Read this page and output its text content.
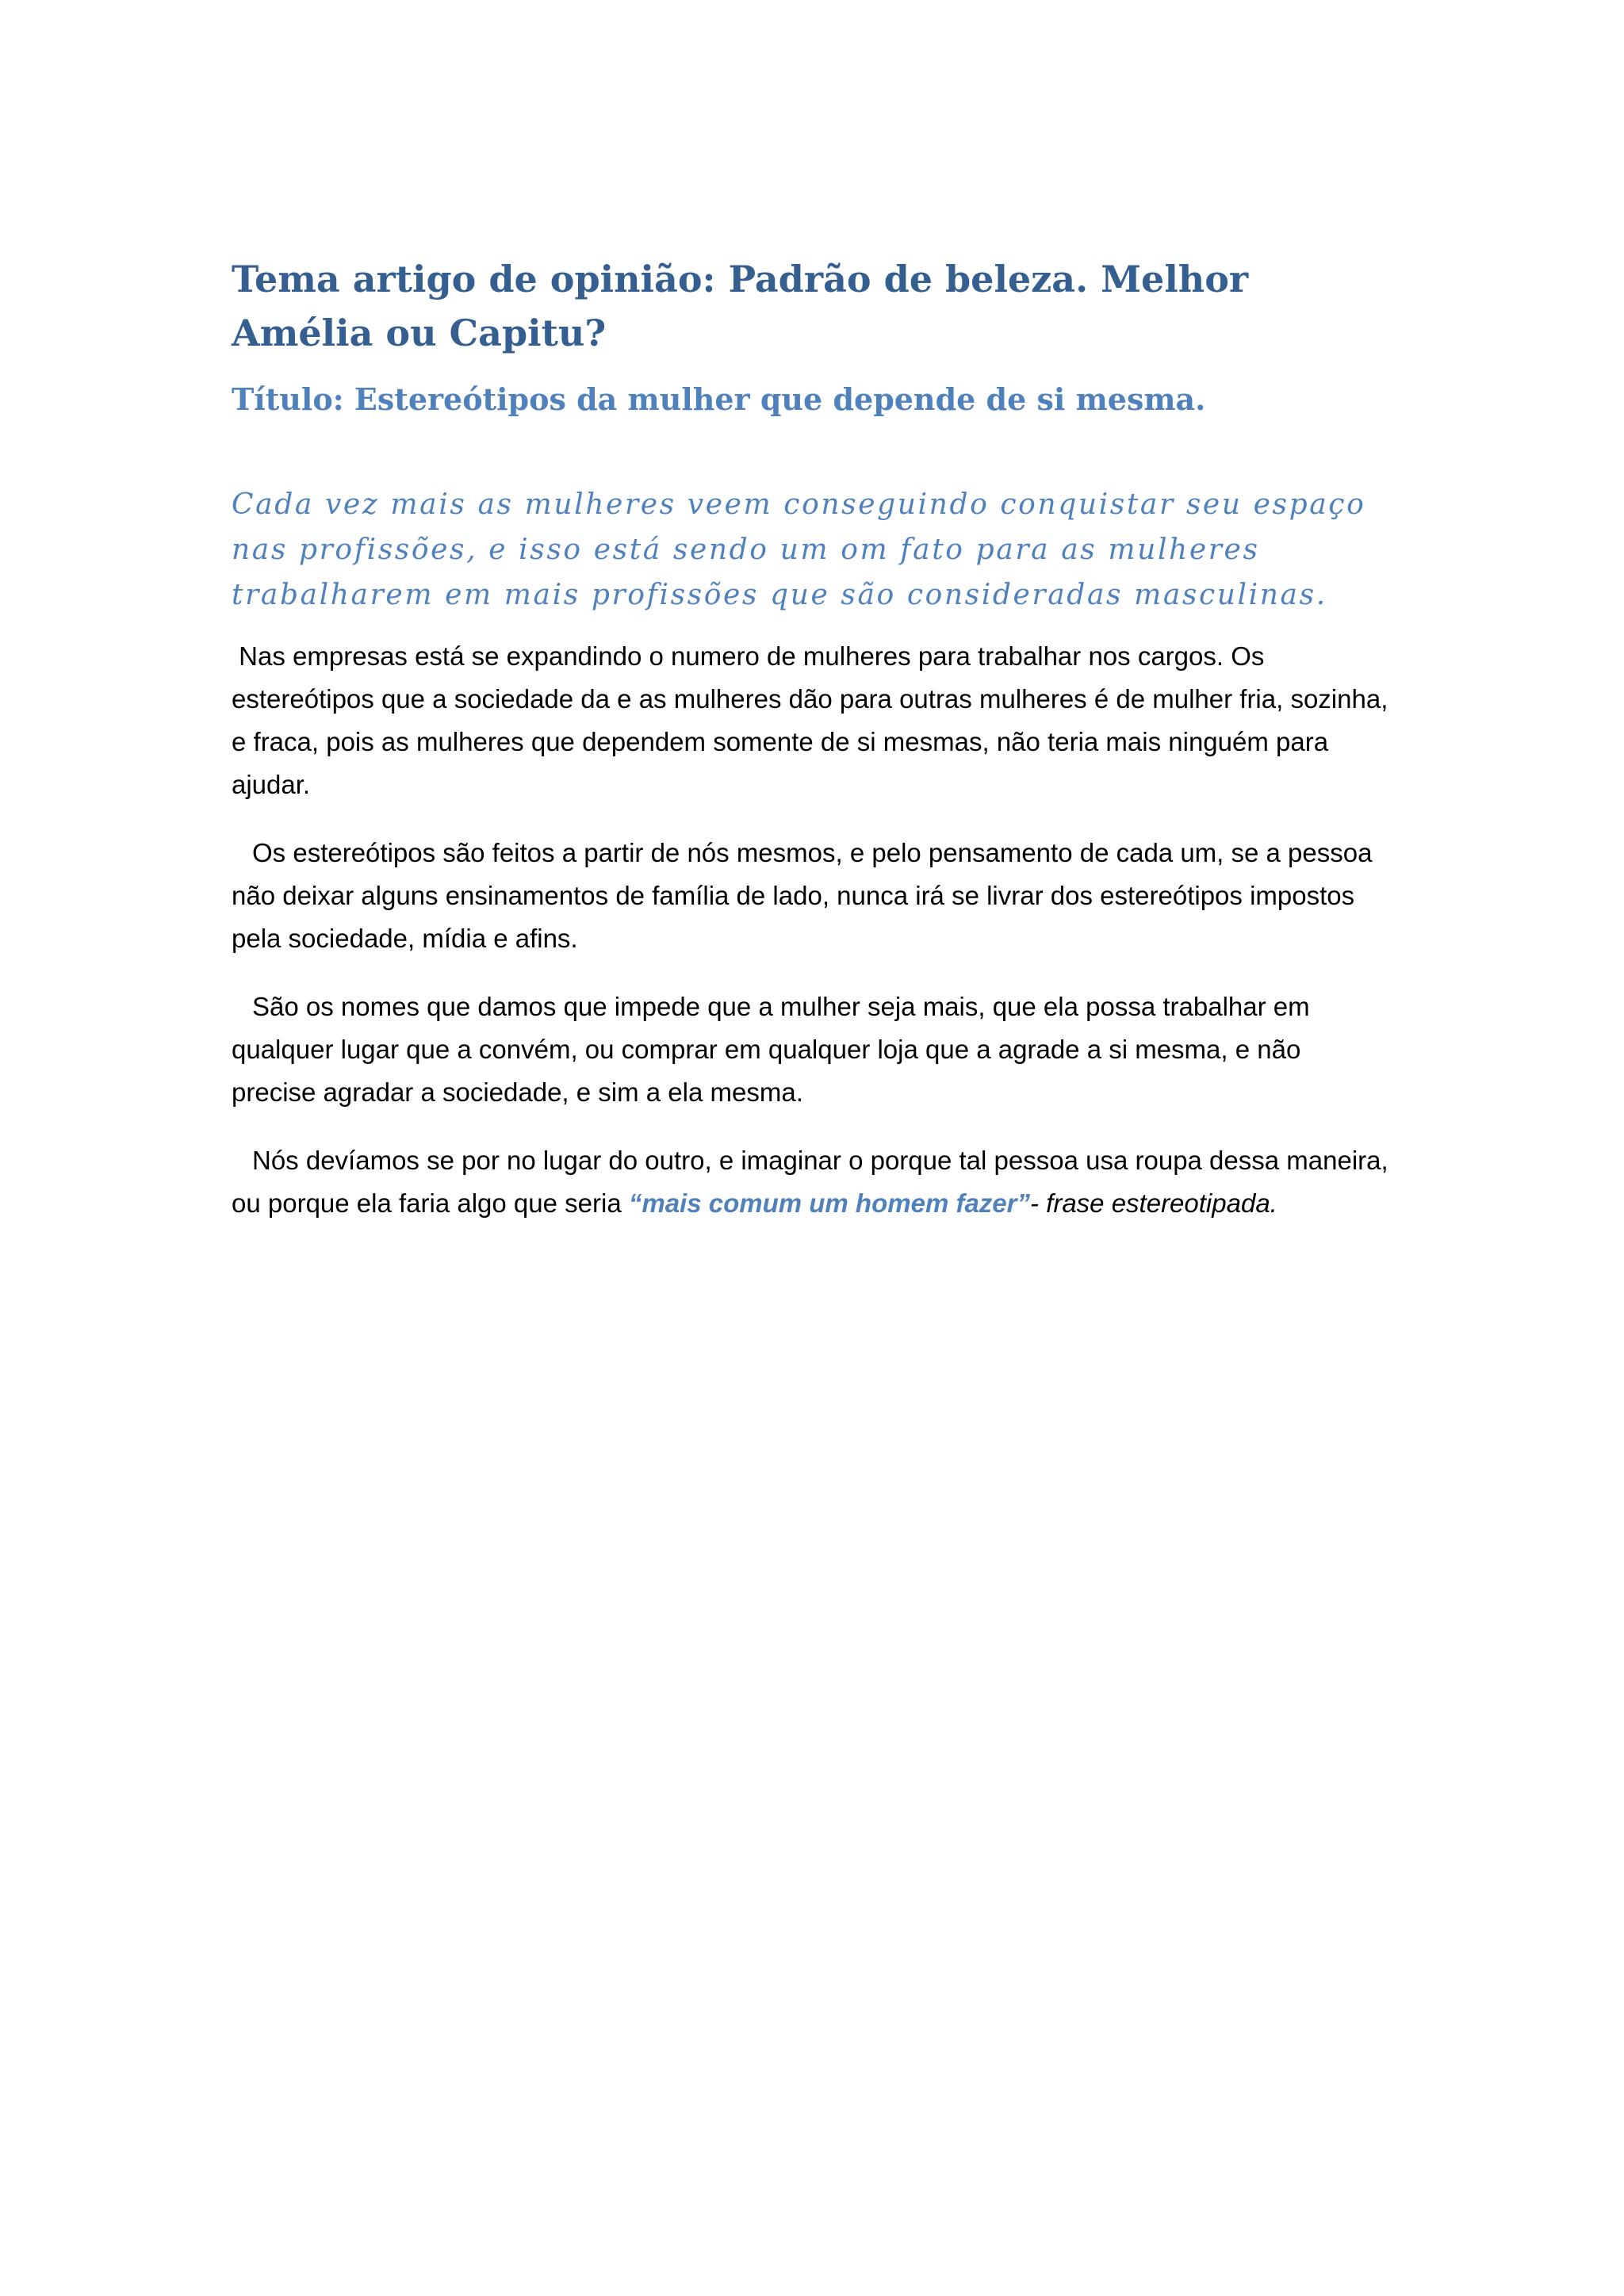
Tema artigo de opinião: Padrão de beleza. Melhor Amélia ou Capitu?
Título: Estereótipos da mulher que depende de si mesma.

Cada vez mais as mulheres veem conseguindo conquistar seu espaço nas profissões, e isso está sendo um om fato para as mulheres trabalharem em mais profissões que são consideradas masculinas.

Nas empresas está se expandindo o numero de mulheres para trabalhar nos cargos. Os estereótipos que a sociedade da e as mulheres dão para outras mulheres é de mulher fria, sozinha, e fraca, pois as mulheres que dependem somente de si mesmas, não teria mais ninguém para ajudar.

Os estereótipos são feitos a partir de nós mesmos, e pelo pensamento de cada um, se a pessoa não deixar alguns ensinamentos de família de lado, nunca irá se livrar dos estereótipos impostos pela sociedade, mídia e afins.

São os nomes que damos que impede que a mulher seja mais, que ela possa trabalhar em qualquer lugar que a convém, ou comprar em qualquer loja que a agrade a si mesma, e não precise agradar a sociedade, e sim a ela mesma.

Nós devíamos se por no lugar do outro, e imaginar o porque tal pessoa usa roupa dessa maneira, ou porque ela faria algo que seria “mais comum um homem fazer”- frase estereotipada.
